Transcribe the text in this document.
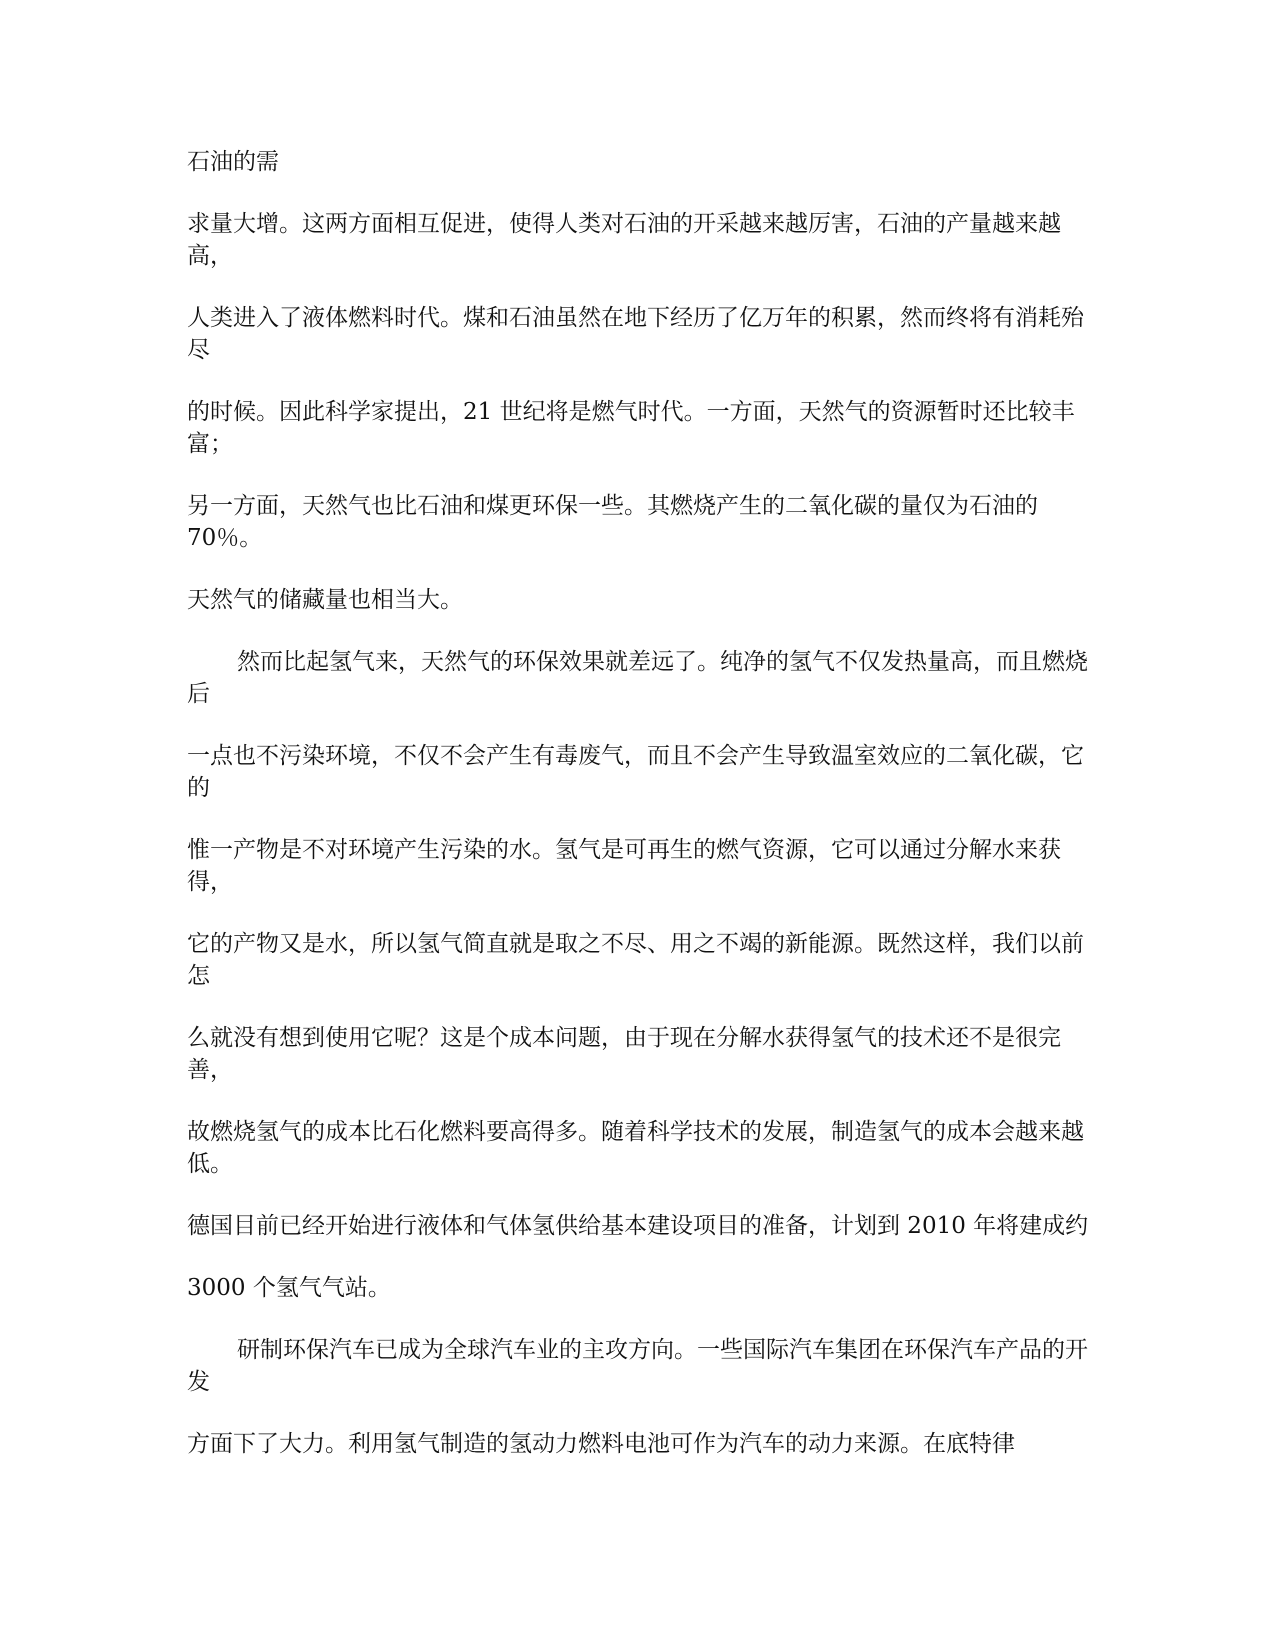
石油的需

求量大增。这两方面相互促进，使得人类对石油的开采越来越厉害，石油的产量越来越高，

人类进入了液体燃料时代。煤和石油虽然在地下经历了亿万年的积累，然而终将有消耗殆尽

的时候。因此科学家提出，21 世纪将是燃气时代。一方面，天然气的资源暂时还比较丰富；

另一方面，天然气也比石油和煤更环保一些。其燃烧产生的二氧化碳的量仅为石油的70％。

天然气的储藏量也相当大。

然而比起氢气来，天然气的环保效果就差远了。纯净的氢气不仅发热量高，而且燃烧后

一点也不污染环境，不仅不会产生有毒废气，而且不会产生导致温室效应的二氧化碳，它的

惟一产物是不对环境产生污染的水。氢气是可再生的燃气资源，它可以通过分解水来获得，

它的产物又是水，所以氢气简直就是取之不尽、用之不竭的新能源。既然这样，我们以前怎

么就没有想到使用它呢？这是个成本问题，由于现在分解水获得氢气的技术还不是很完善，

故燃烧氢气的成本比石化燃料要高得多。随着科学技术的发展，制造氢气的成本会越来越低。

德国目前已经开始进行液体和气体氢供给基本建设项目的准备，计划到 2010 年将建成约

3000 个氢气气站。

研制环保汽车已成为全球汽车业的主攻方向。一些国际汽车集团在环保汽车产品的开发

方面下了大力。利用氢气制造的氢动力燃料电池可作为汽车的动力来源。在底特律
